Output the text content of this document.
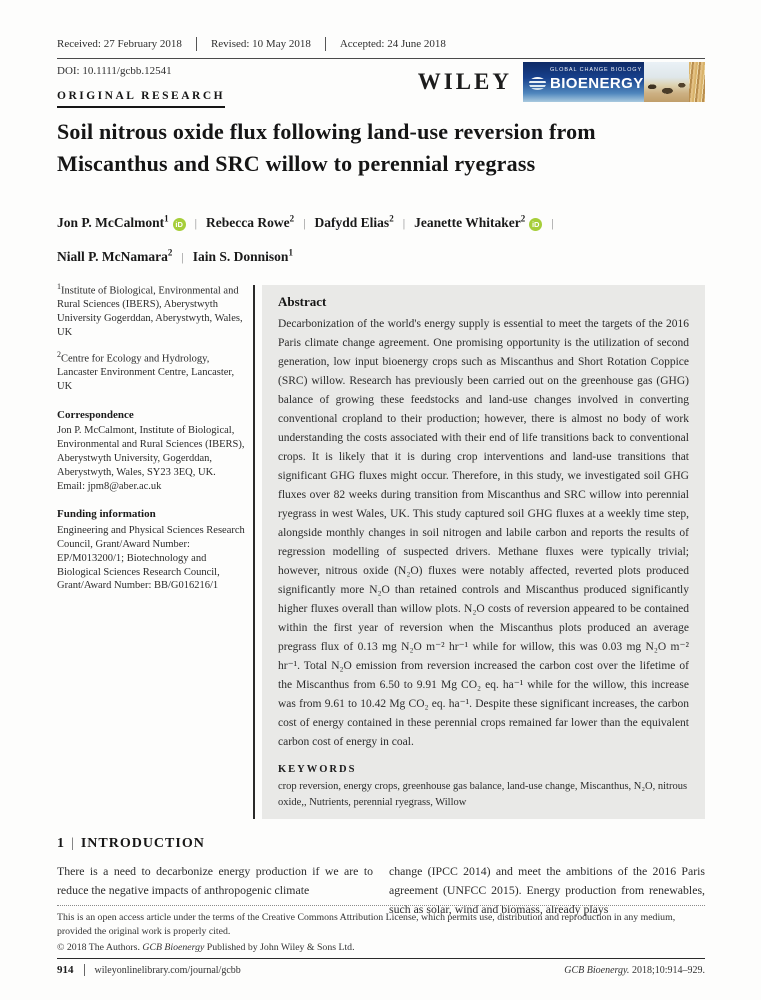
Received: 27 February 2018	Revised: 10 May 2018	Accepted: 24 June 2018
DOI: 10.1111/gcbb.12541	WILEY	GLOBAL CHANGE BIOLOGY
BIOENERGY
ORIGINAL RESEARCH
Soil nitrous oxide flux following land-use reversion from
Miscanthus and SRC willow to perennial ryegrass
Jon P. McCalmont$^1$iD | Rebecca Rowe$^2$ | Dafydd Elias$^2$ | Jeanette Whitaker$^2$iD |
Niall P. McNamara$^2$ | Iain S. Donnison$^1$
$^1$Institute of Biological, Environmental and Rural Sciences (IBERS), Aberystwyth University Gogerddan, Aberystwyth, Wales, UK
$^2$Centre for Ecology and Hydrology, Lancaster Environment Centre, Lancaster, UK
Correspondence
Jon P. McCalmont, Institute of Biological, Environmental and Rural Sciences (IBERS), Aberystwyth University, Gogerddan, Aberystwyth, Wales, SY23 3EQ, UK.
Email: jpm8@aber.ac.uk
Funding information
Engineering and Physical Sciences Research Council, Grant/Award Number: EP/M013200/1; Biotechnology and Biological Sciences Research Council, Grant/Award Number: BB/G016216/1
Abstract
Decarbonization of the world's energy supply is essential to meet the targets of the 2016 Paris climate change agreement. One promising opportunity is the utilization of second generation, low input bioenergy crops such as Miscanthus and Short Rotation Coppice (SRC) willow. Research has previously been carried out on the greenhouse gas (GHG) balance of growing these feedstocks and land-use changes involved in converting conventional cropland to their production; however, there is almost no body of work understanding the costs associated with their end of life transitions back to conventional crops. It is likely that it is during crop interventions and land-use transitions that significant GHG fluxes might occur. Therefore, in this study, we investigated soil GHG fluxes over 82 weeks during transition from Miscanthus and SRC willow into perennial ryegrass in west Wales, UK. This study captured soil GHG fluxes at a weekly time step, alongside monthly changes in soil nitrogen and labile carbon and reports the results of regression modelling of suspected drivers. Methane fluxes were typically trivial; however, nitrous oxide (N₂O) fluxes were notably affected, reverted plots produced significantly more N₂O than retained controls and Miscanthus produced significantly higher fluxes overall than willow plots. N₂O costs of reversion appeared to be contained within the first year of reversion when the Miscanthus plots produced an average pregrass flux of 0.13 mg N₂O m⁻² hr⁻¹ while for willow, this was 0.03 mg N₂O m⁻² hr⁻¹. Total N₂O emission from reversion increased the carbon cost over the lifetime of the Miscanthus from 6.50 to 9.91 Mg CO₂ eq. ha⁻¹ while for the willow, this increase was from 9.61 to 10.42 Mg CO₂ eq. ha⁻¹. Despite these significant increases, the carbon cost of energy contained in these perennial crops remained far lower than the equivalent carbon cost of energy in coal.
KEYWORDS
crop reversion, energy crops, greenhouse gas balance, land-use change, Miscanthus, N₂O, nitrous oxide,, Nutrients, perennial ryegrass, Willow
1 | INTRODUCTION
There is a need to decarbonize energy production if we are to reduce the negative impacts of anthropogenic climate
change (IPCC 2014) and meet the ambitions of the 2016 Paris agreement (UNFCC 2015). Energy production from renewables, such as solar, wind and biomass, already plays
This is an open access article under the terms of the Creative Commons Attribution License, which permits use, distribution and reproduction in any medium, provided the original work is properly cited.
© 2018 The Authors. GCB Bioenergy Published by John Wiley & Sons Ltd.
914 wileyonlinelibrary.com/journal/gcbb	GCB Bioenergy. 2018;10:914–929.
